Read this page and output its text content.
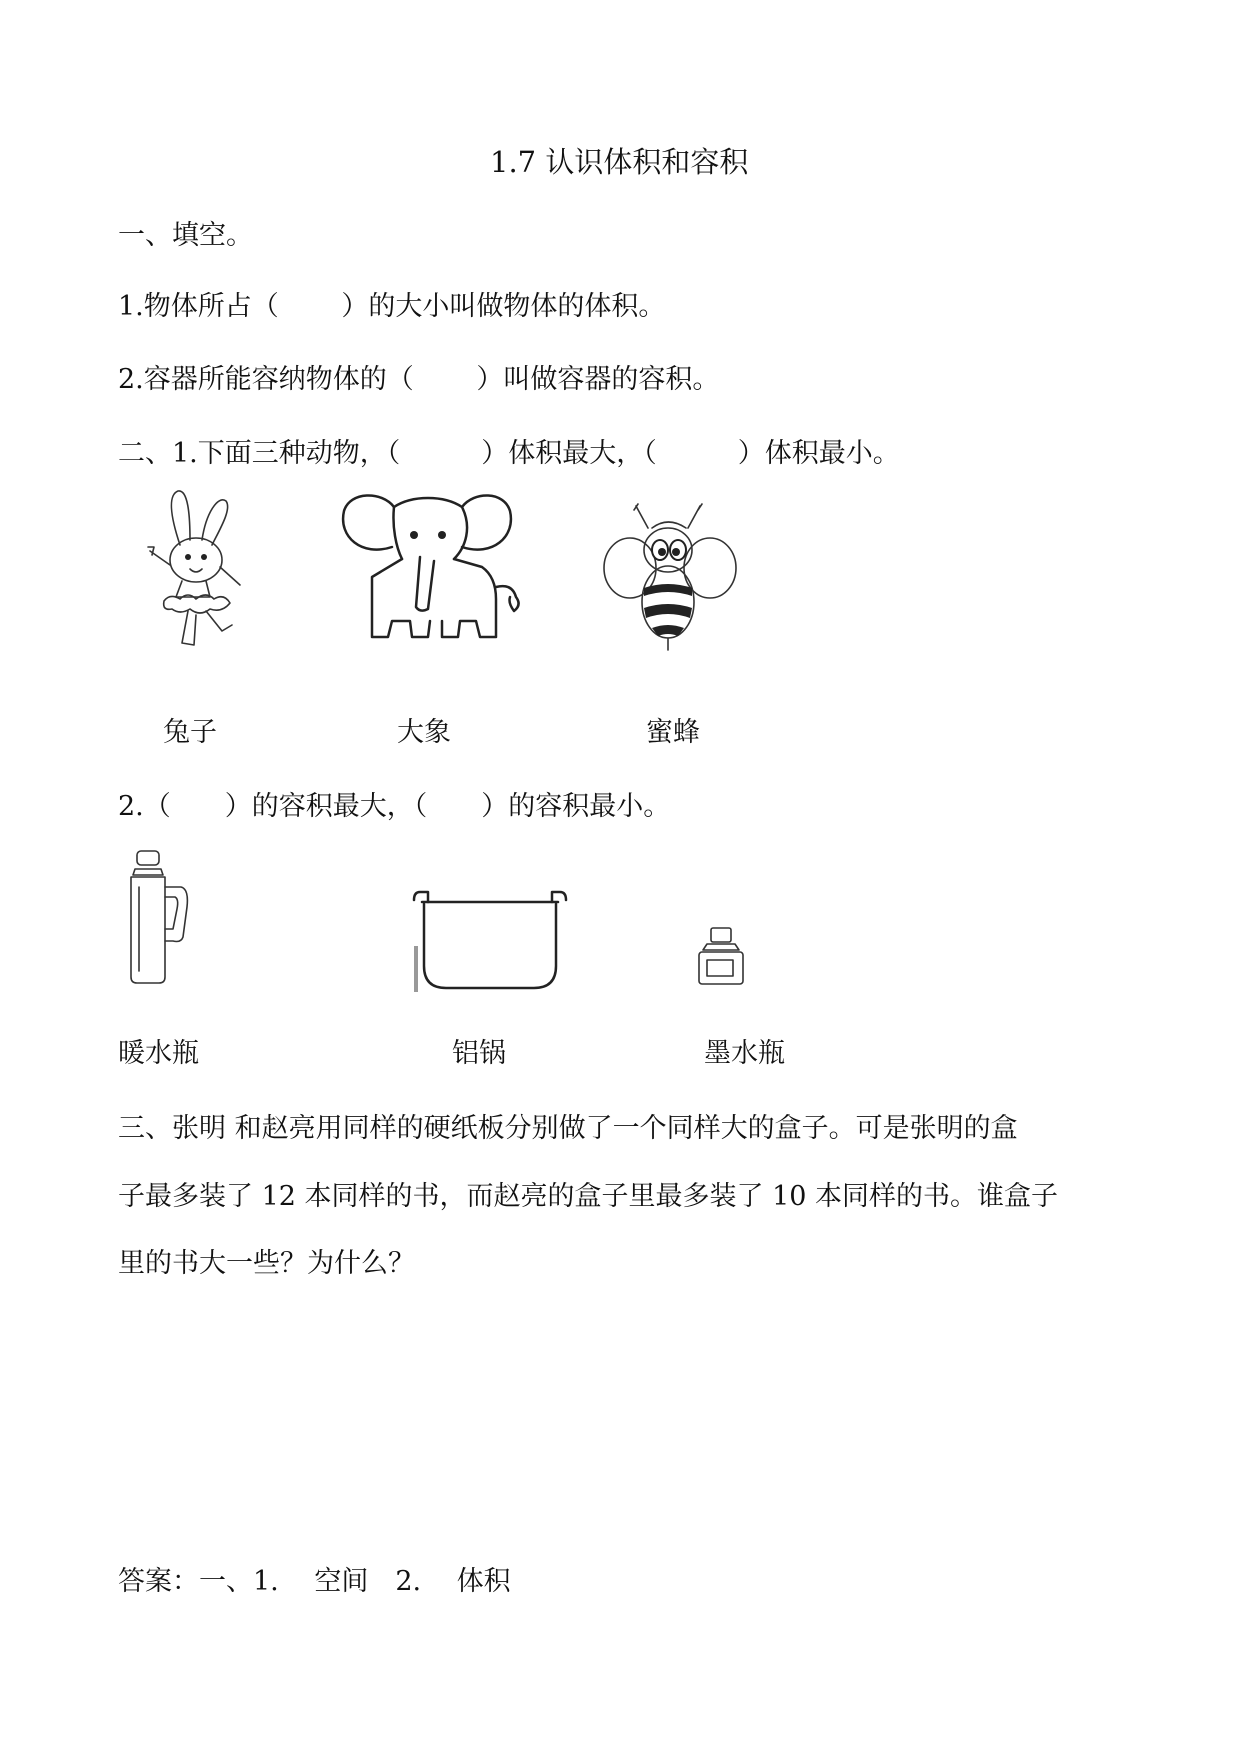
1.7 认识体积和容积
一、填空。
1.物体所占（　　 ）的大小叫做物体的体积。
2.容器所能容纳物体的（　　 ）叫做容器的容积。
二、1.下面三种动物，（　　　）体积最大，（　　　）体积最小。
兔子	大象	蜜蜂
2.（　　）的容积最大，（　　）的容积最小。
暖水瓶	铝锅	墨水瓶
三、张明 和赵亮用同样的硬纸板分别做了一个同样大的盒子。可是张明的盒
子最多装了 12 本同样的书，而赵亮的盒子里最多装了 10 本同样的书。谁盒子
里的书大一些？为什么？
答案：一、1.　 空间　2.　 体积
